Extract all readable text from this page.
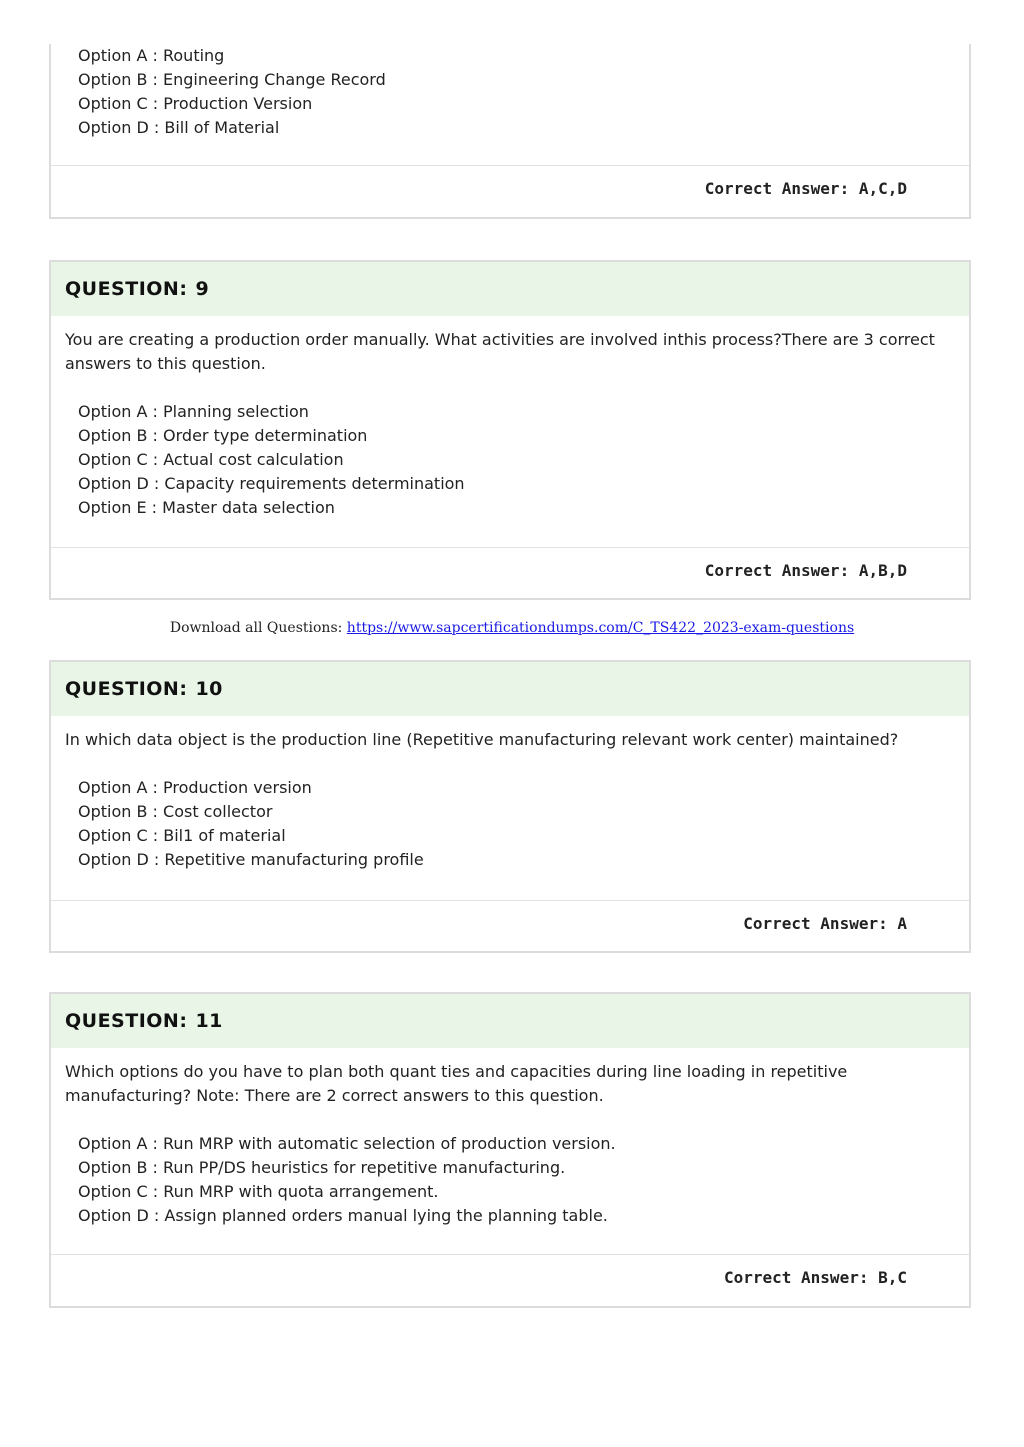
Option A : Routing
Option B : Engineering Change Record
Option C : Production Version
Option D : Bill of Material
Correct Answer: A,C,D
QUESTION: 9

You are creating a production order manually. What activities are involved inthis process?There are 3 correct answers to this question.

Option A : Planning selection
Option B : Order type determination
Option C : Actual cost calculation
Option D : Capacity requirements determination
Option E : Master data selection
Correct Answer: A,B,D
Download all Questions: https://www.sapcertificationdumps.com/C_TS422_2023-exam-questions
QUESTION: 10

In which data object is the production line (Repetitive manufacturing relevant work center) maintained?

Option A : Production version
Option B : Cost collector
Option C : Bil1 of material
Option D : Repetitive manufacturing profile
Correct Answer: A
QUESTION: 11

Which options do you have to plan both quant ties and capacities during line loading in repetitive manufacturing? Note: There are 2 correct answers to this question.

Option A : Run MRP with automatic selection of production version.
Option B : Run PP/DS heuristics for repetitive manufacturing.
Option C : Run MRP with quota arrangement.
Option D : Assign planned orders manual lying the planning table.
Correct Answer: B,C
